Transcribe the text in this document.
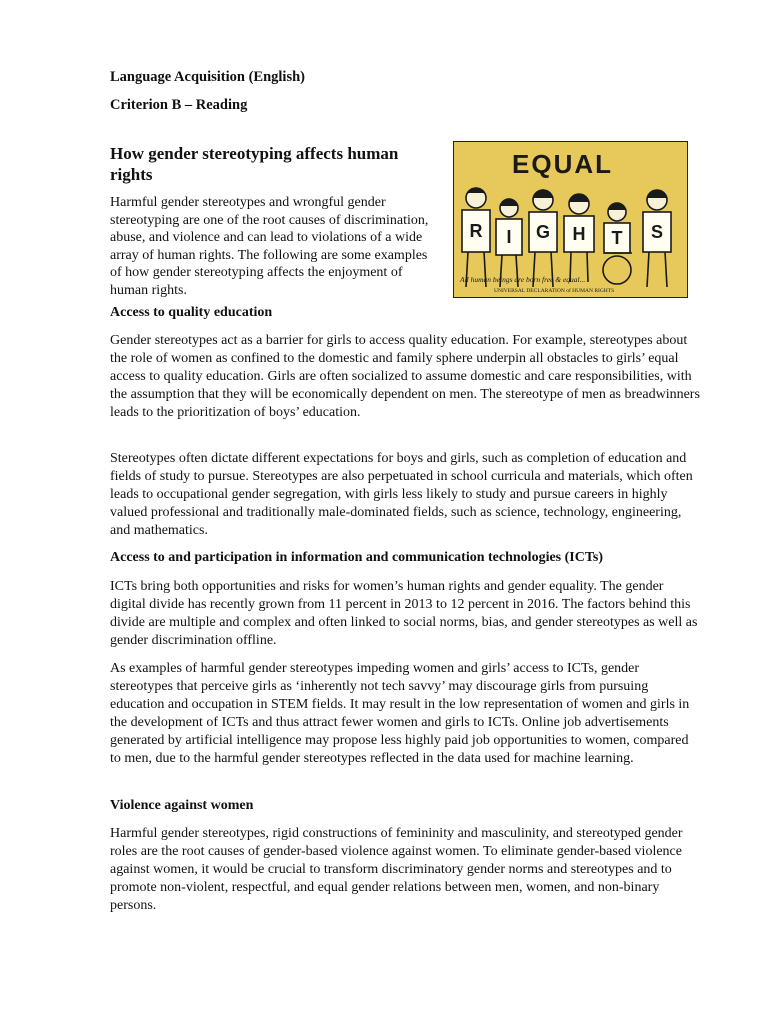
Language Acquisition (English)

Criterion B – Reading

How gender stereotyping affects human rights

Harmful gender stereotypes and wrongful gender stereotyping are one of the root causes of discrimination, abuse, and violence and can lead to violations of a wide array of human rights. The following are some examples of how gender stereotyping affects the enjoyment of human rights.

EQUAL
R I G H T S
All human beings are born free & equal...
UNIVERSAL DECLARATION of HUMAN RIGHTS

Access to quality education

Gender stereotypes act as a barrier for girls to access quality education. For example, stereotypes about the role of women as confined to the domestic and family sphere underpin all obstacles to girls’ equal access to quality education. Girls are often socialized to assume domestic and care responsibilities, with the assumption that they will be economically dependent on men. The stereotype of men as breadwinners leads to the prioritization of boys’ education.

Stereotypes often dictate different expectations for boys and girls, such as completion of education and fields of study to pursue. Stereotypes are also perpetuated in school curricula and materials, which often leads to occupational gender segregation, with girls less likely to study and pursue careers in highly valued professional and traditionally male-dominated fields, such as science, technology, engineering, and mathematics.

Access to and participation in information and communication technologies (ICTs)

ICTs bring both opportunities and risks for women’s human rights and gender equality. The gender digital divide has recently grown from 11 percent in 2013 to 12 percent in 2016. The factors behind this divide are multiple and complex and often linked to social norms, bias, and gender stereotypes as well as gender discrimination offline.

As examples of harmful gender stereotypes impeding women and girls’ access to ICTs, gender stereotypes that perceive girls as ‘inherently not tech savvy’ may discourage girls from pursuing education and occupation in STEM fields. It may result in the low representation of women and girls in the development of ICTs and thus attract fewer women and girls to ICTs. Online job advertisements generated by artificial intelligence may propose less highly paid job opportunities to women, compared to men, due to the harmful gender stereotypes reflected in the data used for machine learning.

Violence against women

Harmful gender stereotypes, rigid constructions of femininity and masculinity, and stereotyped gender roles are the root causes of gender-based violence against women. To eliminate gender-based violence against women, it would be crucial to transform discriminatory gender norms and stereotypes and to promote non-violent, respectful, and equal gender relations between men, women, and non-binary persons.
